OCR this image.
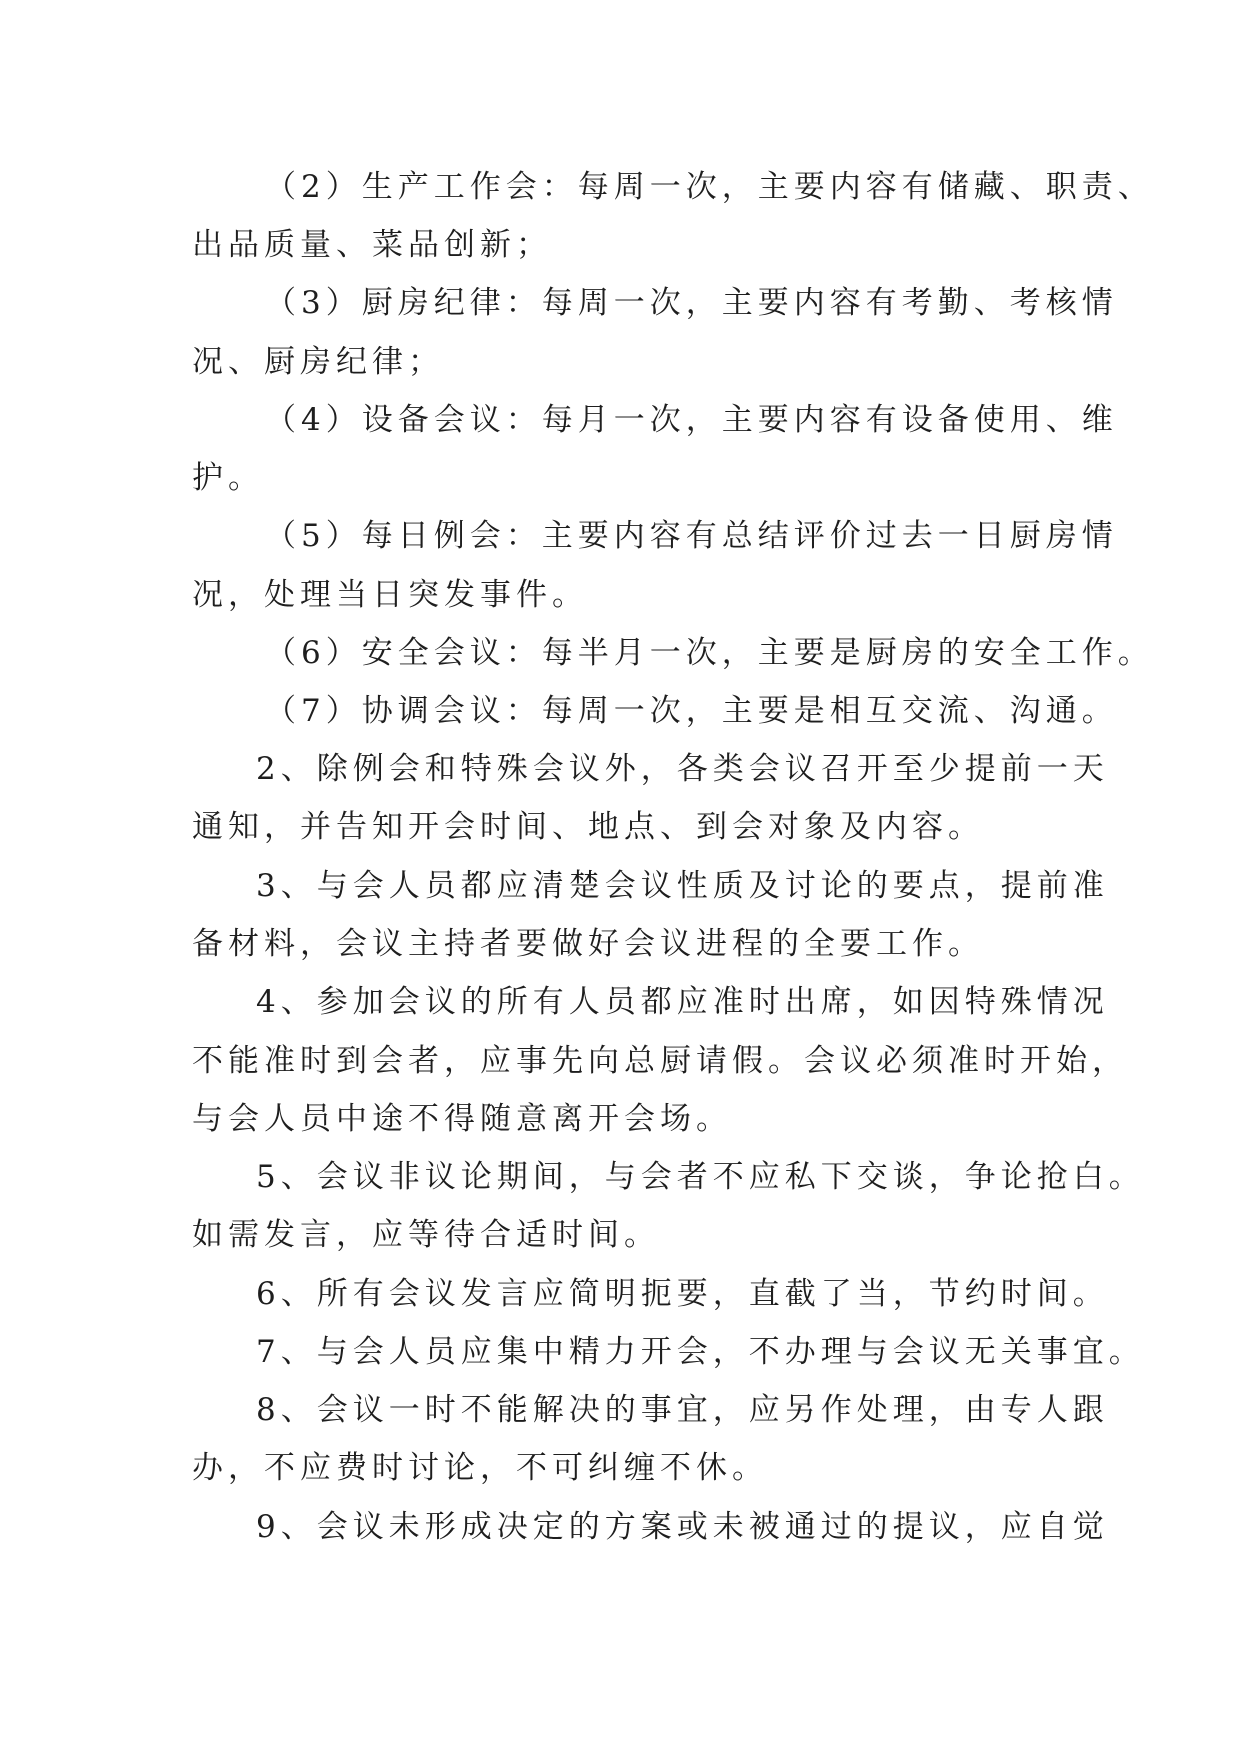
（2）生产工作会：每周一次，主要内容有储藏、职责、

出品质量、菜品创新；

（3）厨房纪律：每周一次，主要内容有考勤、考核情

况、厨房纪律；

（4）设备会议：每月一次，主要内容有设备使用、维

护。

（5）每日例会：主要内容有总结评价过去一日厨房情

况，处理当日突发事件。

（6）安全会议：每半月一次，主要是厨房的安全工作。

（7）协调会议：每周一次，主要是相互交流、沟通。

2、除例会和特殊会议外，各类会议召开至少提前一天

通知，并告知开会时间、地点、到会对象及内容。

3、与会人员都应清楚会议性质及讨论的要点，提前准

备材料，会议主持者要做好会议进程的全要工作。

4、参加会议的所有人员都应准时出席，如因特殊情况

不能准时到会者，应事先向总厨请假。会议必须准时开始，

与会人员中途不得随意离开会场。

5、会议非议论期间，与会者不应私下交谈，争论抢白。

如需发言，应等待合适时间。

6、所有会议发言应简明扼要，直截了当，节约时间。

7、与会人员应集中精力开会，不办理与会议无关事宜。

8、会议一时不能解决的事宜，应另作处理，由专人跟

办，不应费时讨论，不可纠缠不休。

9、会议未形成决定的方案或未被通过的提议，应自觉
